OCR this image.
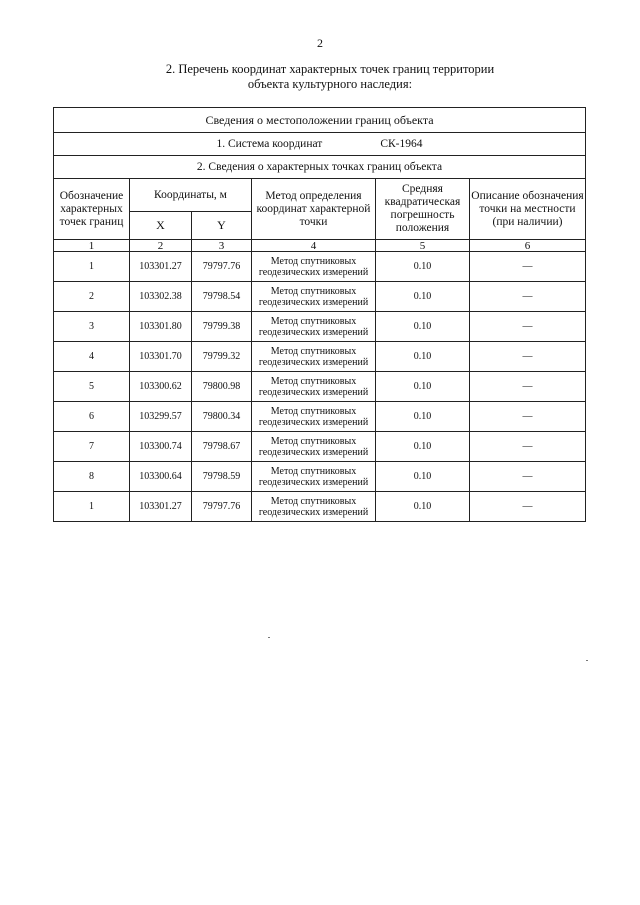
2
2. Перечень координат характерных точек границ территории
объекта культурного наследия:
Сведения о местоположении границ объекта					
1. Система координат СК-1964					
2. Сведения о характерных точках границ объекта					
Обозначение характерных точек границ	Координаты, м		Метод определения координат характерной точки	Средняя квадратическая погрешность положения	Описание обозначения точки на местности (при наличии)
	X	Y			
1	2	3	4	5	6
1	103301.27	79797.76	Метод спутниковых геодезических измерений	0.10	—
2	103302.38	79798.54	Метод спутниковых геодезических измерений	0.10	—
3	103301.80	79799.38	Метод спутниковых геодезических измерений	0.10	—
4	103301.70	79799.32	Метод спутниковых геодезических измерений	0.10	—
5	103300.62	79800.98	Метод спутниковых геодезических измерений	0.10	—
6	103299.57	79800.34	Метод спутниковых геодезических измерений	0.10	—
7	103300.74	79798.67	Метод спутниковых геодезических измерений	0.10	—
8	103300.64	79798.59	Метод спутниковых геодезических измерений	0.10	—
1	103301.27	79797.76	Метод спутниковых геодезических измерений	0.10	—
